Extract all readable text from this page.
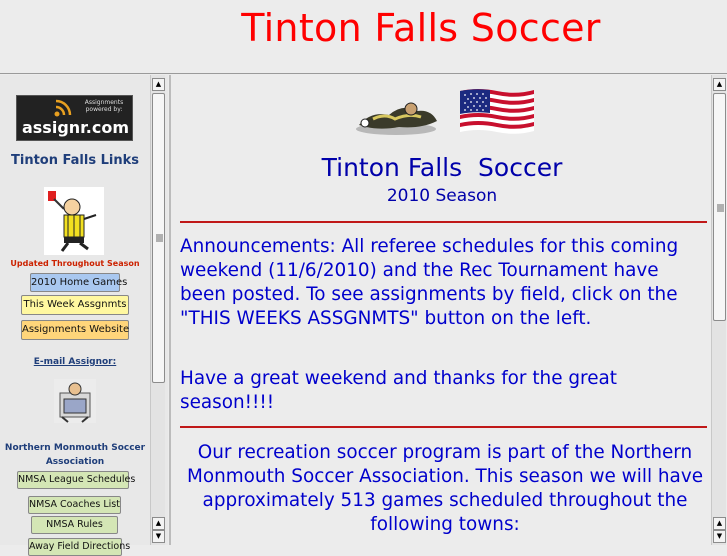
Tinton Falls Soccer
Assignments powered by:
assignr.com
Tinton Falls Links
Updated Throughout Season
2010 Home Games
This Week Assgnmts
Assignments Website
E-mail Assignor:
Northern Monmouth Soccer Association
NMSA League Schedules
NMSA Coaches List
NMSA Rules
Away Field Directions
▲
▲
▼
Tinton Falls  Soccer
2010 Season
Announcements: All referee schedules for this coming weekend (11/6/2010) and the Rec Tournament have been posted. To see assignments by field, click on the "THIS WEEKS ASSGNMTS" button on the left.
Have a great weekend and thanks for the great season!!!!
Our recreation soccer program is part of the Northern Monmouth Soccer Association. This season we will have approximately 513 games scheduled throughout the following towns:
▲
▲
▼
